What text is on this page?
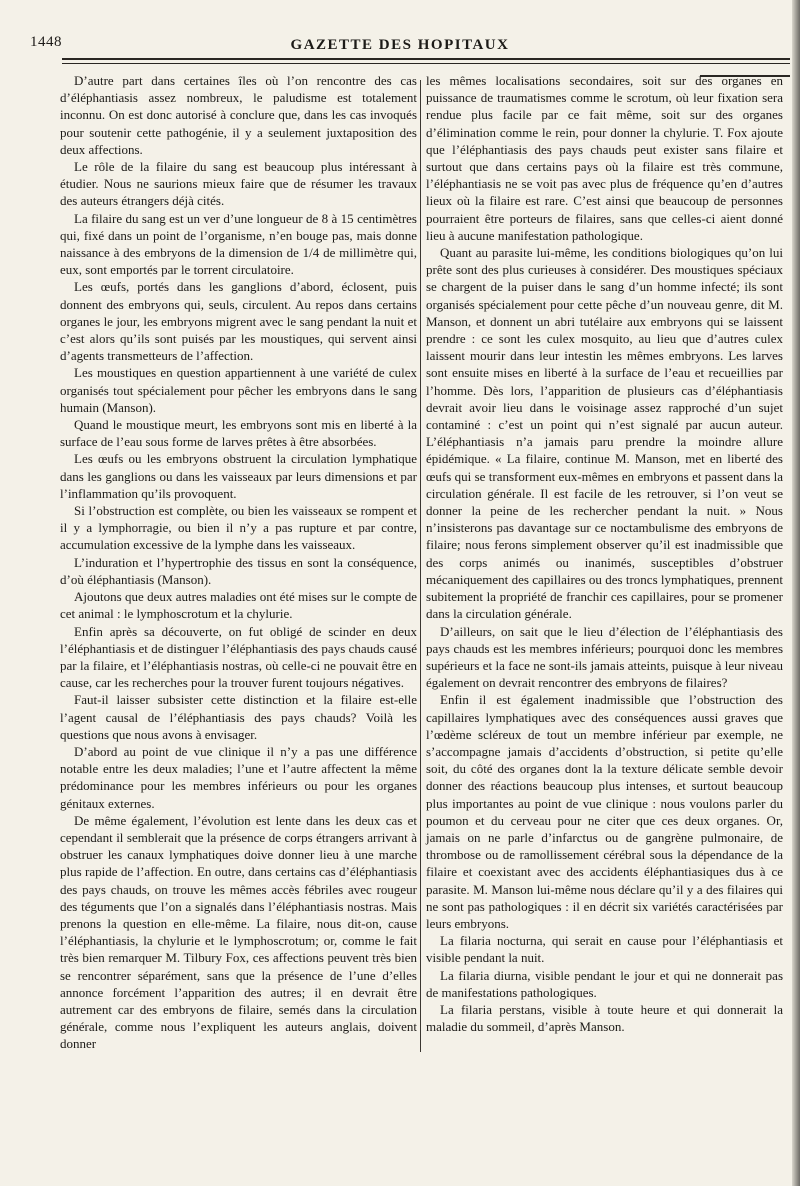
1448	GAZETTE DES HOPITAUX

D’autre part dans certaines îles où l’on rencontre des cas d’éléphantiasis assez nombreux, le paludisme est totalement inconnu. On est donc autorisé à conclure que, dans les cas invoqués pour soutenir cette pathogénie, il y a seulement juxtaposition des deux affections.

Le rôle de la filaire du sang est beaucoup plus intéressant à étudier. Nous ne saurions mieux faire que de résumer les travaux des auteurs étrangers déjà cités.

La filaire du sang est un ver d’une longueur de 8 à 15 centimètres qui, fixé dans un point de l’organisme, n’en bouge pas, mais donne naissance à des embryons de la dimension de 1/4 de millimètre qui, eux, sont emportés par le torrent circulatoire.

Les œufs, portés dans les ganglions d’abord, éclosent, puis donnent des embryons qui, seuls, circulent. Au repos dans certains organes le jour, les embryons migrent avec le sang pendant la nuit et c’est alors qu’ils sont puisés par les moustiques, qui servent ainsi d’agents transmetteurs de l’affection.

Les moustiques en question appartiennent à une variété de culex organisés tout spécialement pour pêcher les embryons dans le sang humain (Manson).

Quand le moustique meurt, les embryons sont mis en liberté à la surface de l’eau sous forme de larves prêtes à être absorbées.

Les œufs ou les embryons obstruent la circulation lymphatique dans les ganglions ou dans les vaisseaux par leurs dimensions et par l’inflammation qu’ils provoquent.

Si l’obstruction est complète, ou bien les vaisseaux se rompent et il y a lymphorragie, ou bien il n’y a pas rupture et par contre, accumulation excessive de la lymphe dans les vaisseaux.

L’induration et l’hypertrophie des tissus en sont la conséquence, d’où éléphantiasis (Manson).

Ajoutons que deux autres maladies ont été mises sur le compte de cet animal : le lymphoscrotum et la chylurie.

Enfin après sa découverte, on fut obligé de scinder en deux l’éléphantiasis et de distinguer l’éléphantiasis des pays chauds causé par la filaire, et l’éléphantiasis nostras, où celle-ci ne pouvait être en cause, car les recherches pour la trouver furent toujours négatives.

Faut-il laisser subsister cette distinction et la filaire est-elle l’agent causal de l’éléphantiasis des pays chauds? Voilà les questions que nous avons à envisager.

D’abord au point de vue clinique il n’y a pas une différence notable entre les deux maladies; l’une et l’autre affectent la même prédominance pour les membres inférieurs ou pour les organes génitaux externes.

De même également, l’évolution est lente dans les deux cas et cependant il semblerait que la présence de corps étrangers arrivant à obstruer les canaux lymphatiques doive donner lieu à une marche plus rapide de l’affection. En outre, dans certains cas d’éléphantiasis des pays chauds, on trouve les mêmes accès fébriles avec rougeur des téguments que l’on a signalés dans l’éléphantiasis nostras. Mais prenons la question en elle-même. La filaire, nous dit-on, cause l’éléphantiasis, la chylurie et le lymphoscrotum; or, comme le fait très bien remarquer M. Tilbury Fox, ces affections peuvent très bien se rencontrer séparément, sans que la présence de l’une d’elles annonce forcément l’apparition des autres; il en devrait être autrement car des embryons de filaire, semés dans la circulation générale, comme nous l’expliquent les auteurs anglais, doivent donner

les mêmes localisations secondaires, soit sur des organes en puissance de traumatismes comme le scrotum, où leur fixation sera rendue plus facile par ce fait même, soit sur des organes d’élimination comme le rein, pour donner la chylurie. T. Fox ajoute que l’éléphantiasis des pays chauds peut exister sans filaire et surtout que dans certains pays où la filaire est très commune, l’éléphantiasis ne se voit pas avec plus de fréquence qu’en d’autres lieux où la filaire est rare. C’est ainsi que beaucoup de personnes pourraient être porteurs de filaires, sans que celles-ci aient donné lieu à aucune manifestation pathologique.

Quant au parasite lui-même, les conditions biologiques qu’on lui prête sont des plus curieuses à considérer. Des moustiques spéciaux se chargent de la puiser dans le sang d’un homme infecté; ils sont organisés spécialement pour cette pêche d’un nouveau genre, dit M. Manson, et donnent un abri tutélaire aux embryons qui se laissent prendre : ce sont les culex mosquito, au lieu que d’autres culex laissent mourir dans leur intestin les mêmes embryons. Les larves sont ensuite mises en liberté à la surface de l’eau et recueillies par l’homme. Dès lors, l’apparition de plusieurs cas d’éléphantiasis devrait avoir lieu dans le voisinage assez rapproché d’un sujet contaminé : c’est un point qui n’est signalé par aucun auteur. L’éléphantiasis n’a jamais paru prendre la moindre allure épidémique. « La filaire, continue M. Manson, met en liberté des œufs qui se transforment eux-mêmes en embryons et passent dans la circulation générale. Il est facile de les retrouver, si l’on veut se donner la peine de les rechercher pendant la nuit. » Nous n’insisterons pas davantage sur ce noctambulisme des embryons de filaire; nous ferons simplement observer qu’il est inadmissible que des corps animés ou inanimés, susceptibles d’obstruer mécaniquement des capillaires ou des troncs lymphatiques, prennent subitement la propriété de franchir ces capillaires, pour se promener dans la circulation générale.

D’ailleurs, on sait que le lieu d’élection de l’éléphantiasis des pays chauds est les membres inférieurs; pourquoi donc les membres supérieurs et la face ne sont-ils jamais atteints, puisque à leur niveau également on devrait rencontrer des embryons de filaires?

Enfin il est également inadmissible que l’obstruction des capillaires lymphatiques avec des conséquences aussi graves que l’œdème scléreux de tout un membre inférieur par exemple, ne s’accompagne jamais d’accidents d’obstruction, si petite qu’elle soit, du côté des organes dont la la texture délicate semble devoir donner des réactions beaucoup plus intenses, et surtout beaucoup plus importantes au point de vue clinique : nous voulons parler du poumon et du cerveau pour ne citer que ces deux organes. Or, jamais on ne parle d’infarctus ou de gangrène pulmonaire, de thrombose ou de ramollissement cérébral sous la dépendance de la filaire et coexistant avec des accidents éléphantiasiques dus à ce parasite. M. Manson lui-même nous déclare qu’il y a des filaires qui ne sont pas pathologiques : il en décrit six variétés caractérisées par leurs embryons.

La filaria nocturna, qui serait en cause pour l’éléphantiasis et visible pendant la nuit.

La filaria diurna, visible pendant le jour et qui ne donnerait pas de manifestations pathologiques.

La filaria perstans, visible à toute heure et qui donnerait la maladie du sommeil, d’après Manson.
